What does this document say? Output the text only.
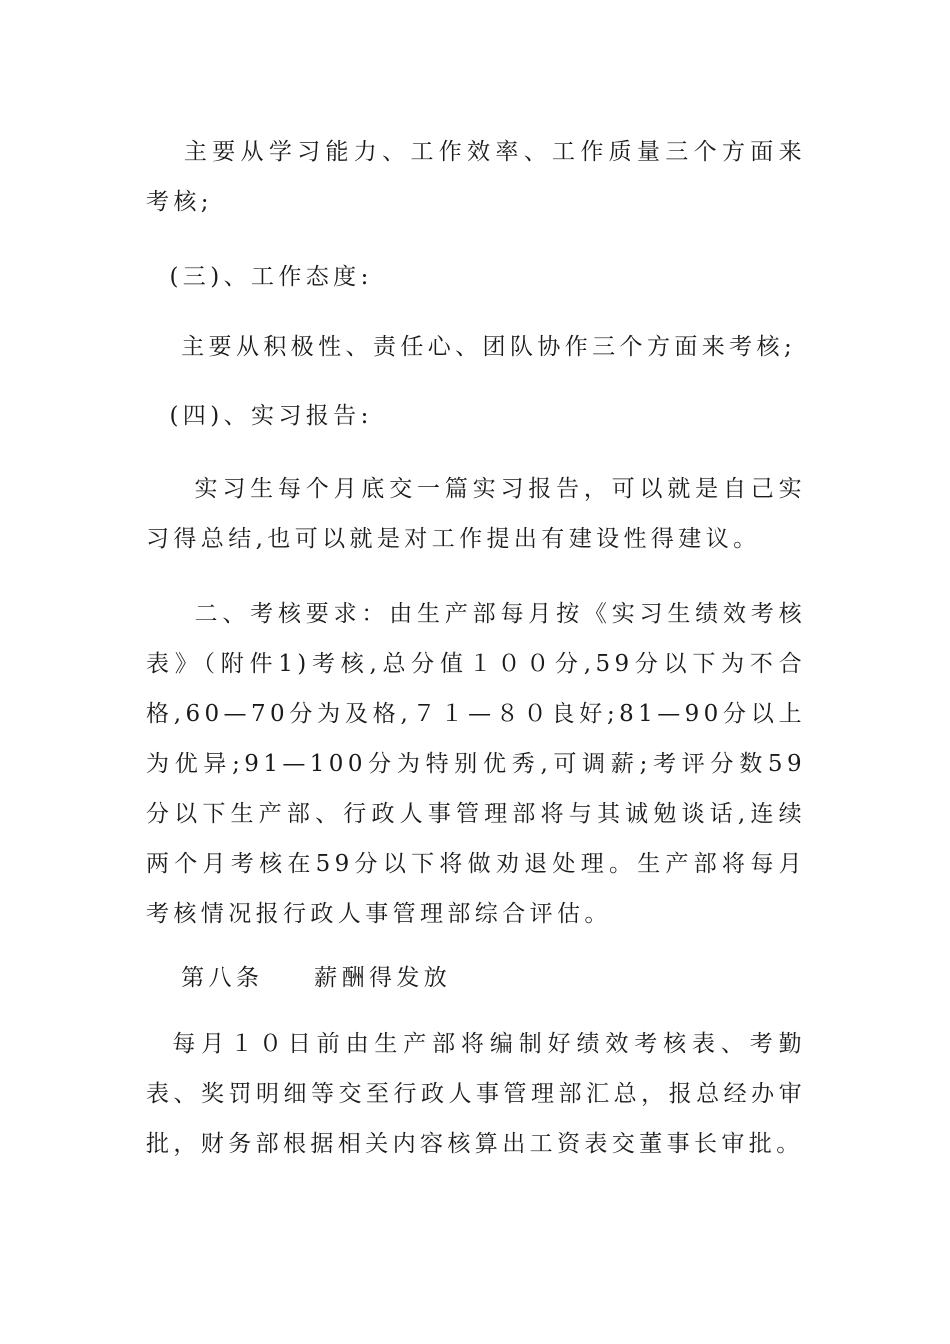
主要从学习能力、工作效率、工作质量三个方面来考核;

(三)、工作态度:

主要从积极性、责任心、团队协作三个方面来考核;

(四)、实习报告:

实习生每个月底交一篇实习报告，可以就是自己实习得总结,也可以就是对工作提出有建设性得建议。

二、考核要求：由生产部每月按《实习生绩效考核表》（附件1)考核,总分值１００分,59分以下为不合格,60—70分为及格,７１—８０良好;81—90分以上为优异;91—100分为特别优秀,可调薪;考评分数59分以下生产部、行政人事管理部将与其诚勉谈话,连续两个月考核在59分以下将做劝退处理。生产部将每月考核情况报行政人事管理部综合评估。

第八条　  薪酬得发放

每月１０日前由生产部将编制好绩效考核表、考勤表、奖罚明细等交至行政人事管理部汇总，报总经办审批，财务部根据相关内容核算出工资表交董事长审批。
